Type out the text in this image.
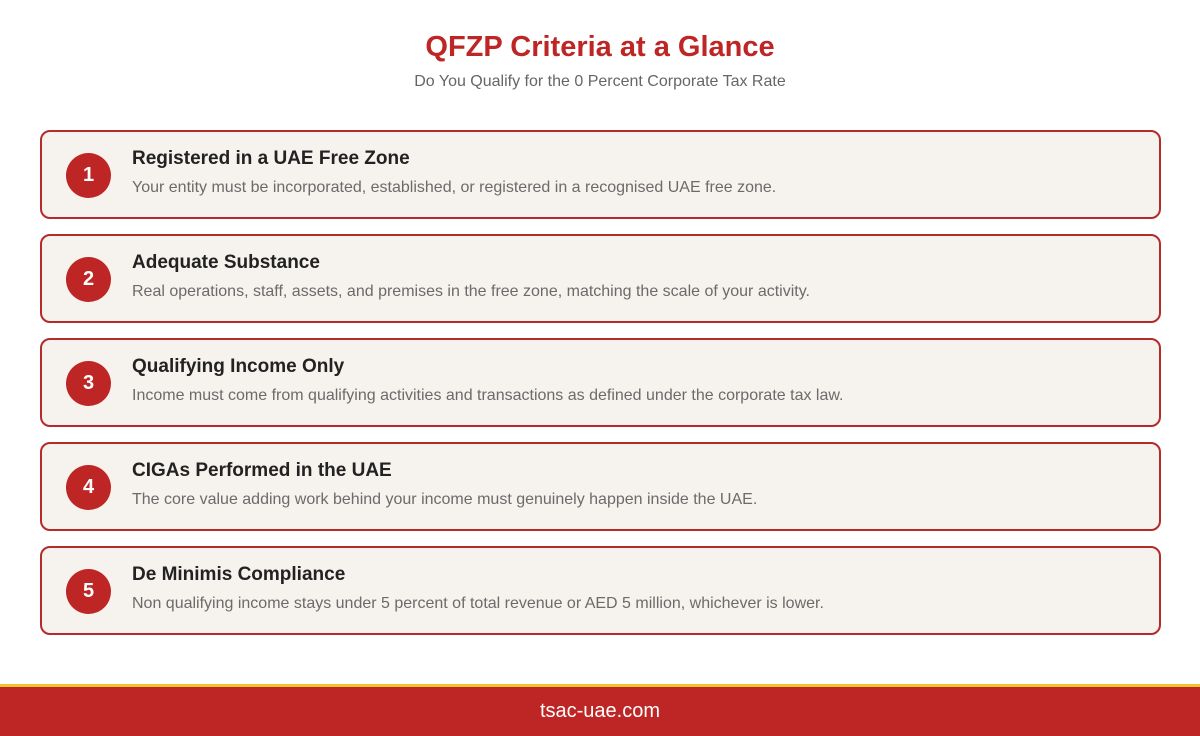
QFZP Criteria at a Glance
Do You Qualify for the 0 Percent Corporate Tax Rate
1
Registered in a UAE Free Zone
Your entity must be incorporated, established, or registered in a recognised UAE free zone.
2
Adequate Substance
Real operations, staff, assets, and premises in the free zone, matching the scale of your activity.
3
Qualifying Income Only
Income must come from qualifying activities and transactions as defined under the corporate tax law.
4
CIGAs Performed in the UAE
The core value adding work behind your income must genuinely happen inside the UAE.
5
De Minimis Compliance
Non qualifying income stays under 5 percent of total revenue or AED 5 million, whichever is lower.
tsac-uae.com
